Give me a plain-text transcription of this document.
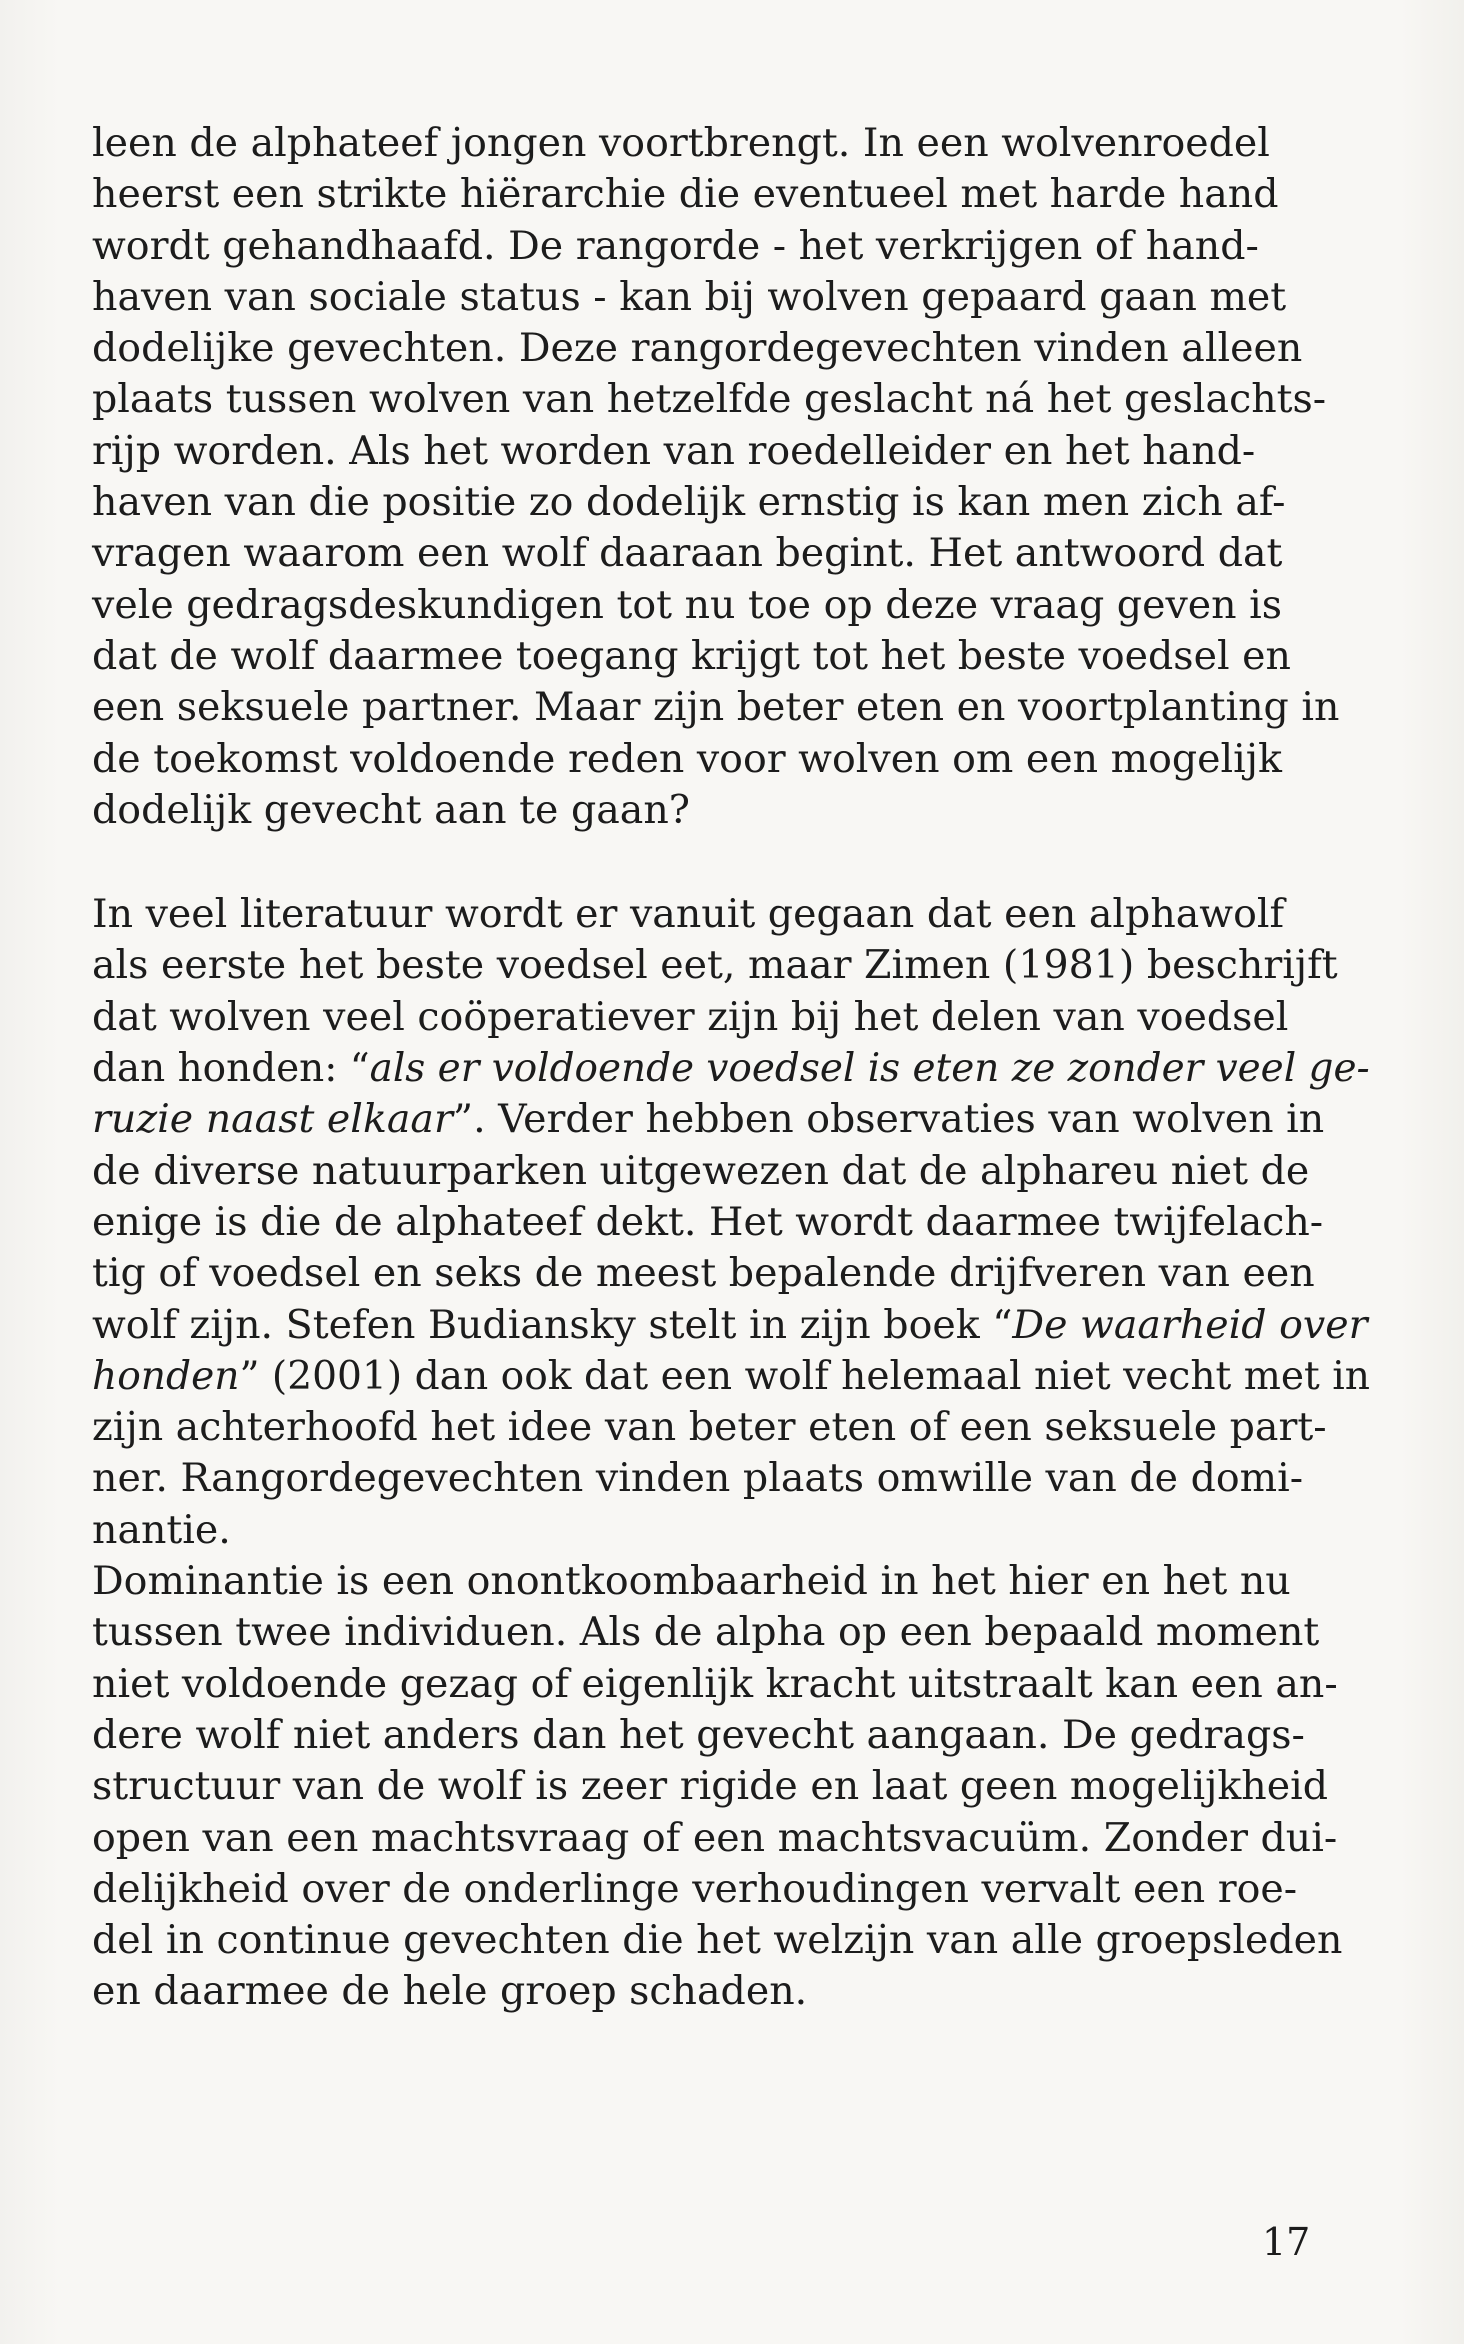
leen de alphateef jongen voortbrengt. In een wolvenroedel
heerst een strikte hiërarchie die eventueel met harde hand
wordt gehandhaafd. De rangorde - het verkrijgen of hand-
haven van sociale status - kan bij wolven gepaard gaan met
dodelijke gevechten. Deze rangordegevechten vinden alleen
plaats tussen wolven van hetzelfde geslacht ná het geslachts-
rijp worden. Als het worden van roedelleider en het hand-
haven van die positie zo dodelijk ernstig is kan men zich af-
vragen waarom een wolf daaraan begint. Het antwoord dat
vele gedragsdeskundigen tot nu toe op deze vraag geven is
dat de wolf daarmee toegang krijgt tot het beste voedsel en
een seksuele partner. Maar zijn beter eten en voortplanting in
de toekomst voldoende reden voor wolven om een mogelijk
dodelijk gevecht aan te gaan?
In veel literatuur wordt er vanuit gegaan dat een alphawolf
als eerste het beste voedsel eet, maar Zimen (1981) beschrijft
dat wolven veel coöperatiever zijn bij het delen van voedsel
dan honden: “als er voldoende voedsel is eten ze zonder veel ge-
ruzie naast elkaar”. Verder hebben observaties van wolven in
de diverse natuurparken uitgewezen dat de alphareu niet de
enige is die de alphateef dekt. Het wordt daarmee twijfelach-
tig of voedsel en seks de meest bepalende drijfveren van een
wolf zijn. Stefen Budiansky stelt in zijn boek “De waarheid over
honden” (2001) dan ook dat een wolf helemaal niet vecht met in
zijn achterhoofd het idee van beter eten of een seksuele part-
ner. Rangordegevechten vinden plaats omwille van de domi-
nantie.
Dominantie is een onontkoombaarheid in het hier en het nu
tussen twee individuen. Als de alpha op een bepaald moment
niet voldoende gezag of eigenlijk kracht uitstraalt kan een an-
dere wolf niet anders dan het gevecht aangaan. De gedrags-
structuur van de wolf is zeer rigide en laat geen mogelijkheid
open van een machtsvraag of een machtsvacuüm. Zonder dui-
delijkheid over de onderlinge verhoudingen vervalt een roe-
del in continue gevechten die het welzijn van alle groepsleden
en daarmee de hele groep schaden.
17
